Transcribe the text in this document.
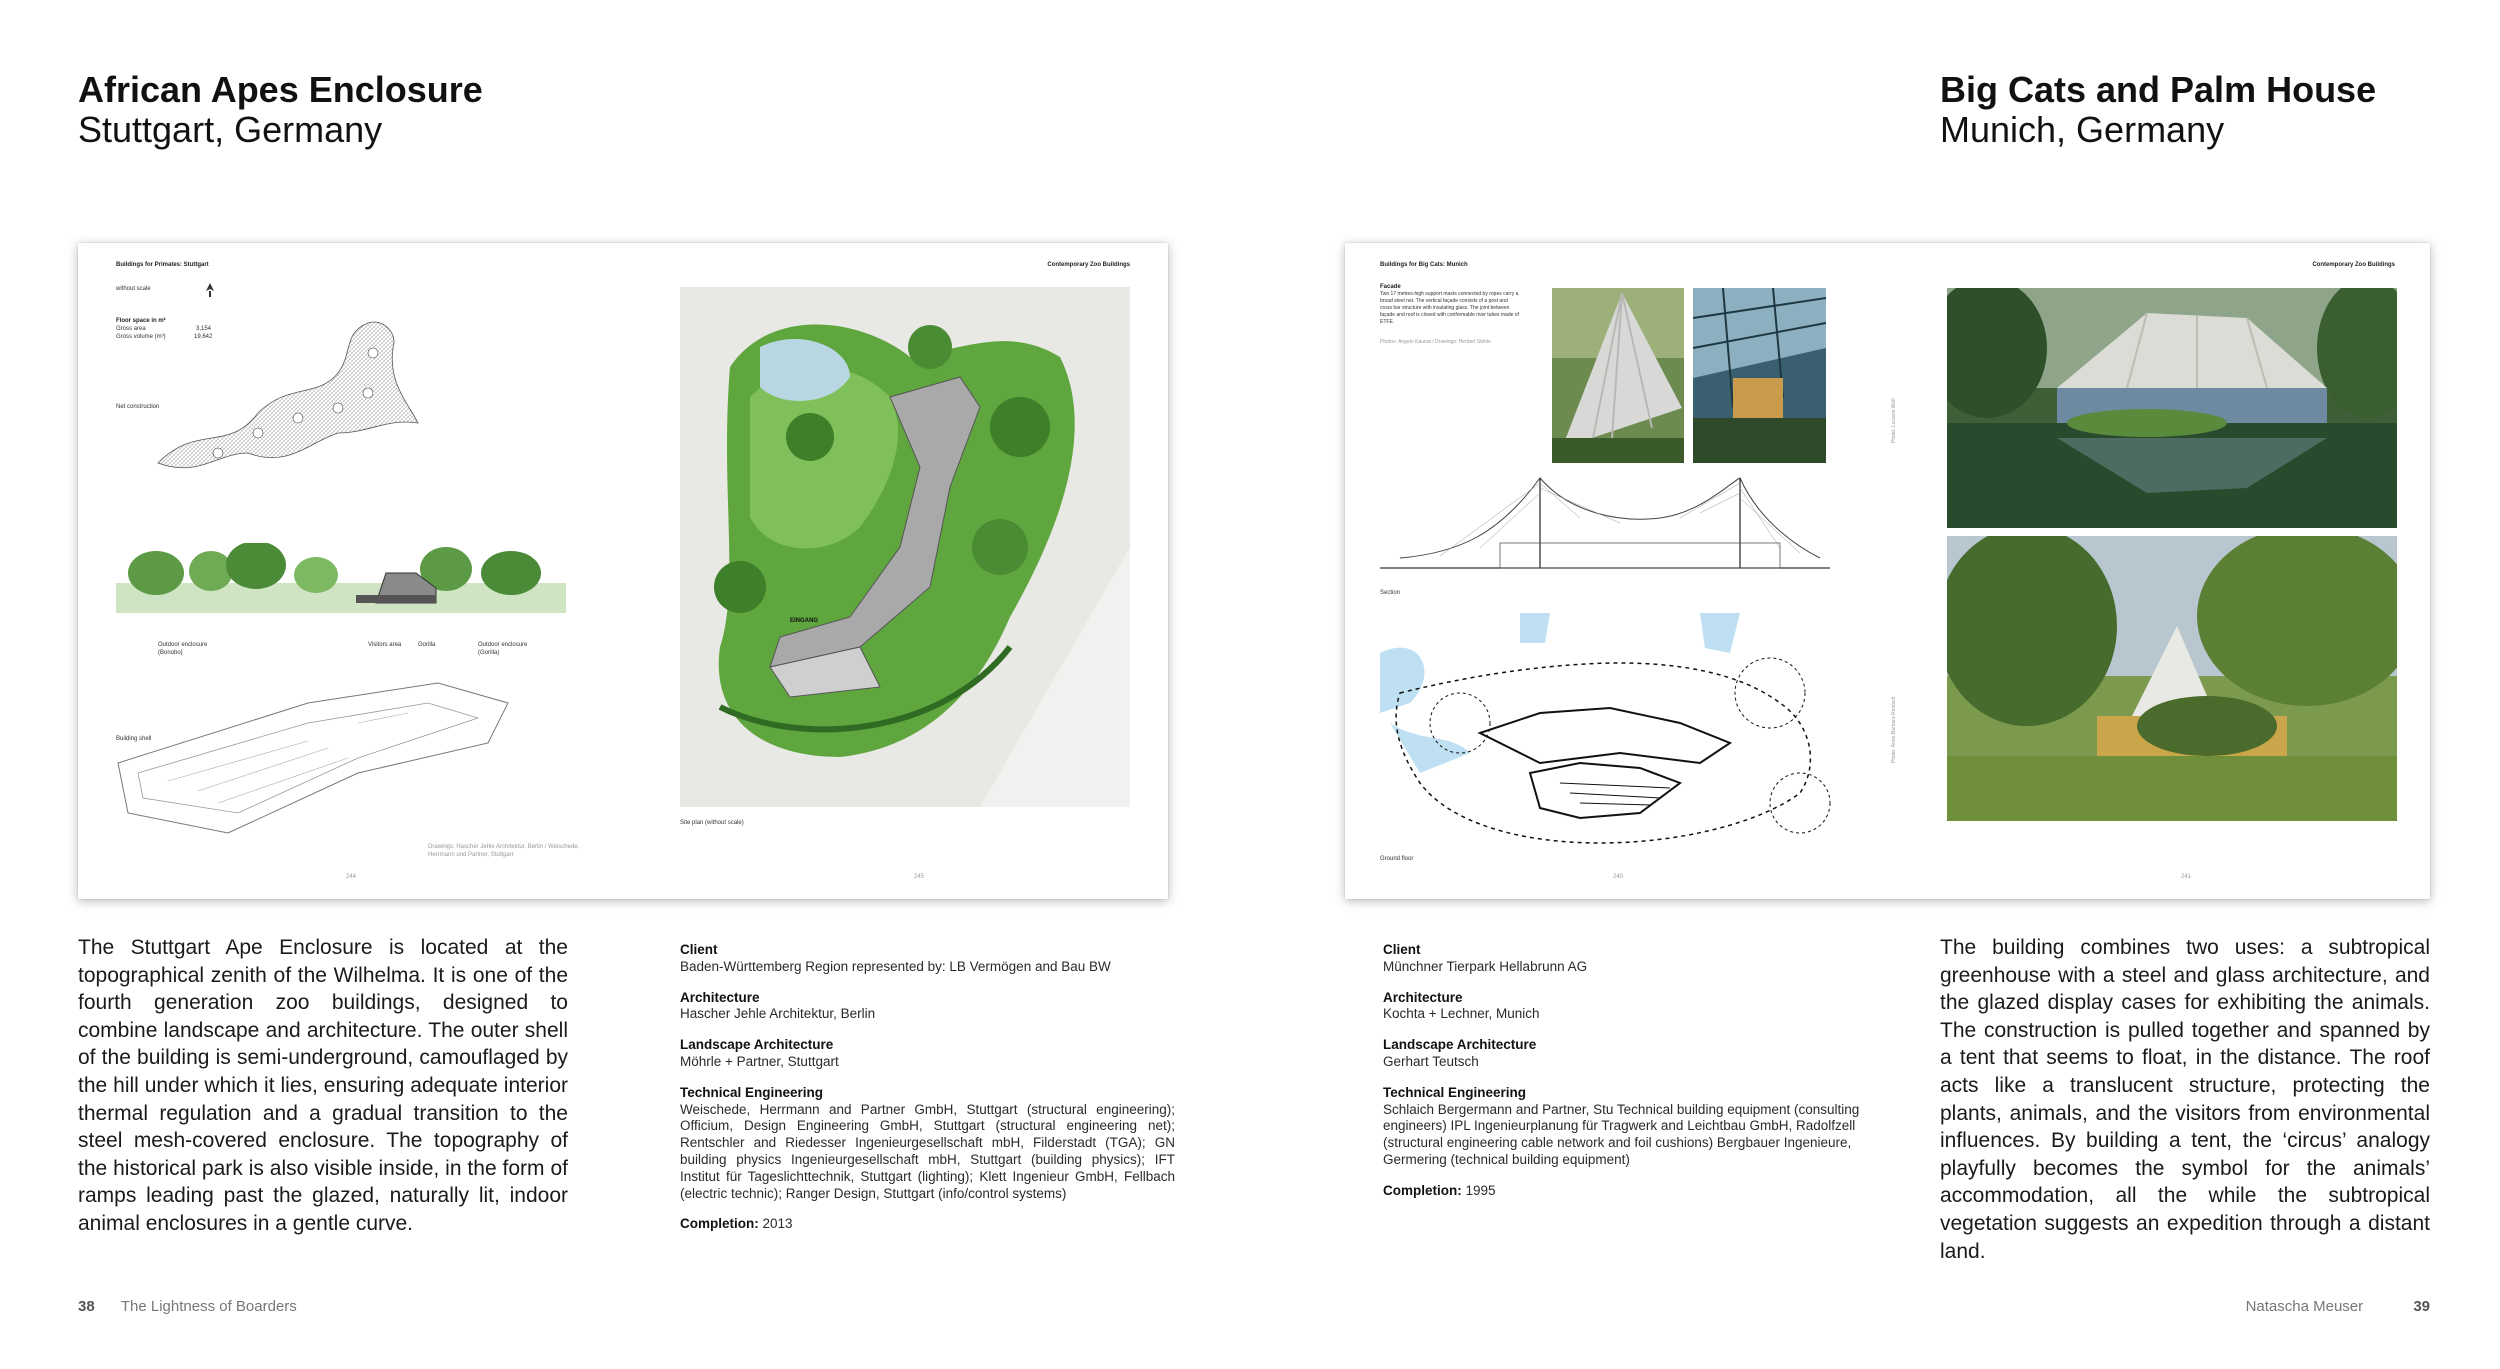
African Apes Enclosure
Stuttgart, Germany
Buildings for Primates: Stuttgart	Contemporary Zoo Buildings
without scale
Floor space in m²
Gross area	3,154
Gross volume (m³)	19,642
Net construction
Outdoor enclosure (Bonobo)
Visitors area	Gorilla	Outdoor enclosure (Gorilla)
Building shell
Drawings: Hascher Jehle Architektur, Berlin / Weischede, Herrmann und Partner, Stuttgart
EINGANG
Site plan (without scale)
244	245
The Stuttgart Ape Enclosure is located at the topographical zenith of the Wilhelma. It is one of the fourth generation zoo buildings, designed to combine landscape and architecture. The outer shell of the building is semi-underground, camouflaged by the hill under which it lies, ensuring adequate interior thermal regulation and a gradual transition to the steel mesh-covered enclosure. The topography of the historical park is also visible inside, in the form of ramps leading past the glazed, naturally lit, indoor animal enclosures in a gentle curve.
Client
Baden-Württemberg Region represented by: LB Vermögen and Bau BW
Architecture
Hascher Jehle Architektur, Berlin
Landscape Architecture
Möhrle + Partner, Stuttgart
Technical Engineering
Weischede, Herrmann and Partner GmbH, Stuttgart (structural engineering); Officium, Design Engineering GmbH, Stuttgart (structural engineering net); Rentschler and Riedesser Ingenieurgesellschaft mbH, Filderstadt (TGA); GN building physics Ingenieurgesellschaft mbH, Stuttgart (building physics); IFT Institut für Tageslichttechnik, Stuttgart (lighting); Klett Ingenieur GmbH, Fellbach (electric technic); Ranger Design, Stuttgart (info/control systems)
Completion: 2013
38 The Lightness of Boarders
Big Cats and Palm House
Munich, Germany
Buildings for Big Cats: Munich	Contemporary Zoo Buildings
Facade
Two 17 metres-high support masts connected by ropes carry a broad steel net. The vertical façade consists of a post and cross bar structure with insulating glass. The joint between façade and roof is closed with conformable river tubes made of ETFE.
Photos: Angelo Kaunat / Drawings: Herbert Stehle
Section
Ground floor
Photo: Luciano Wolf
Photo: Anne-Barbara Rentsch
240	241
Client
Münchner Tierpark Hellabrunn AG
Architecture
Kochta + Lechner, Munich
Landscape Architecture
Gerhart Teutsch
Technical Engineering
Schlaich Bergermann and Partner, Stu Technical building equipment (consulting engineers) IPL Ingenieurplanung für Tragwerk and Leichtbau GmbH, Radolfzell (structural engineering cable network and foil cushions) Bergbauer Ingenieure, Germering (technical building equipment)
Completion: 1995
The building combines two uses: a subtropical greenhouse with a steel and glass architecture, and the glazed display cases for exhibiting the animals. The construction is pulled together and spanned by a tent that seems to float, in the distance. The roof acts like a translucent structure, protecting the plants, animals, and the visitors from environmental influences. By building a tent, the ‘circus’ analogy playfully becomes the symbol for the animals’ accommodation, all the while the subtropical vegetation suggests an expedition through a distant land.
Natascha Meuser	39
